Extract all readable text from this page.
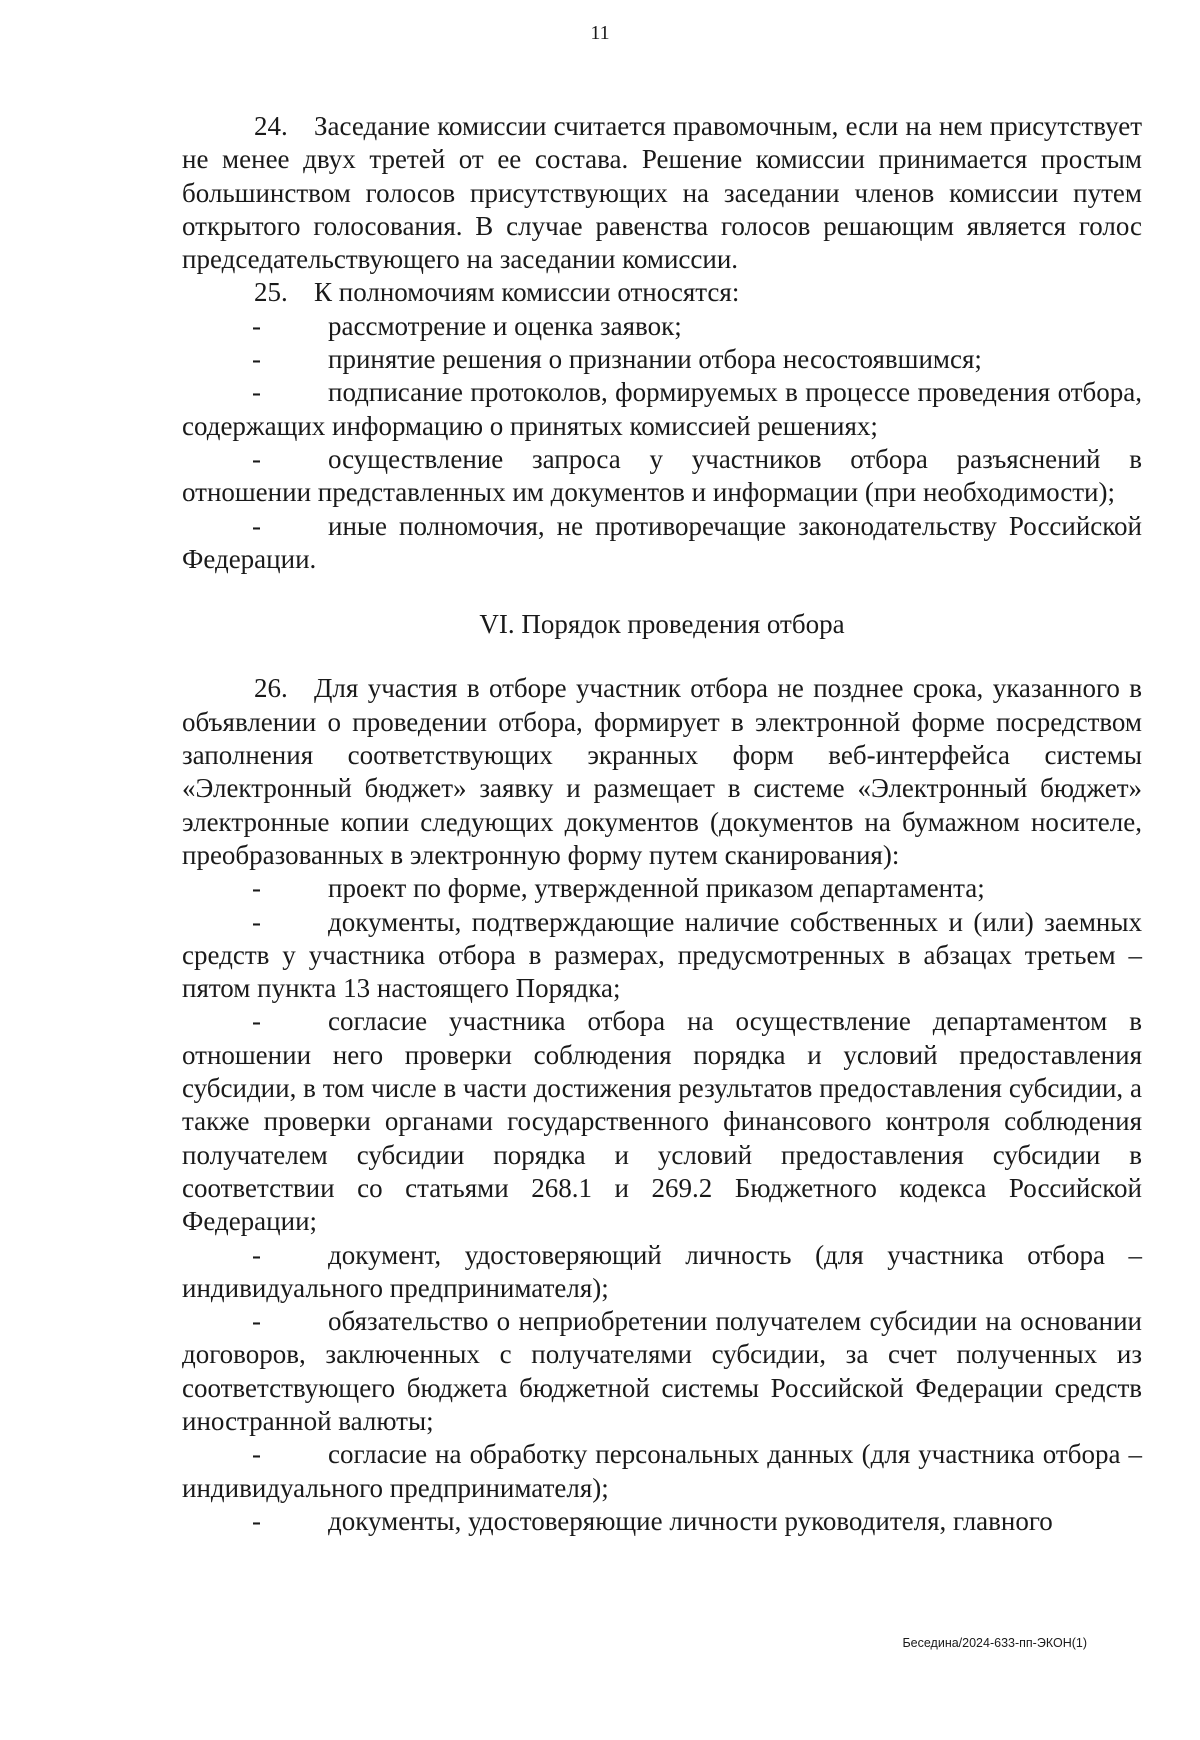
11

24. Заседание комиссии считается правомочным, если на нем присутствует не менее двух третей от ее состава. Решение комиссии принимается простым большинством голосов присутствующих на заседании членов комиссии путем открытого голосования. В случае равенства голосов решающим является голос председательствующего на заседании комиссии.

25. К полномочиям комиссии относятся:

- рассмотрение и оценка заявок;

- принятие решения о признании отбора несостоявшимся;

- подписание протоколов, формируемых в процессе проведения отбора, содержащих информацию о принятых комиссией решениях;

- осуществление запроса у участников отбора разъяснений в отношении представленных им документов и информации (при необходимости);

- иные полномочия, не противоречащие законодательству Российской Федерации.

VI. Порядок проведения отбора

26. Для участия в отборе участник отбора не позднее срока, указанного в объявлении о проведении отбора, формирует в электронной форме посредством заполнения соответствующих экранных форм веб-интерфейса системы «Электронный бюджет» заявку и размещает в системе «Электронный бюджет» электронные копии следующих документов (документов на бумажном носителе, преобразованных в электронную форму путем сканирования):

- проект по форме, утвержденной приказом департамента;

- документы, подтверждающие наличие собственных и (или) заемных средств у участника отбора в размерах, предусмотренных в абзацах третьем – пятом пункта 13 настоящего Порядка;

- согласие участника отбора на осуществление департаментом в отношении него проверки соблюдения порядка и условий предоставления субсидии, в том числе в части достижения результатов предоставления субсидии, а также проверки органами государственного финансового контроля соблюдения получателем субсидии порядка и условий предоставления субсидии в соответствии со статьями 268.1 и 269.2 Бюджетного кодекса Российской Федерации;

- документ, удостоверяющий личность (для участника отбора – индивидуального предпринимателя);

- обязательство о неприобретении получателем субсидии на основании договоров, заключенных с получателями субсидии, за счет полученных из соответствующего бюджета бюджетной системы Российской Федерации средств иностранной валюты;

- согласие на обработку персональных данных (для участника отбора – индивидуального предпринимателя);

- документы, удостоверяющие личности руководителя, главного

Беседина/2024-633-пп-ЭКОН(1)
